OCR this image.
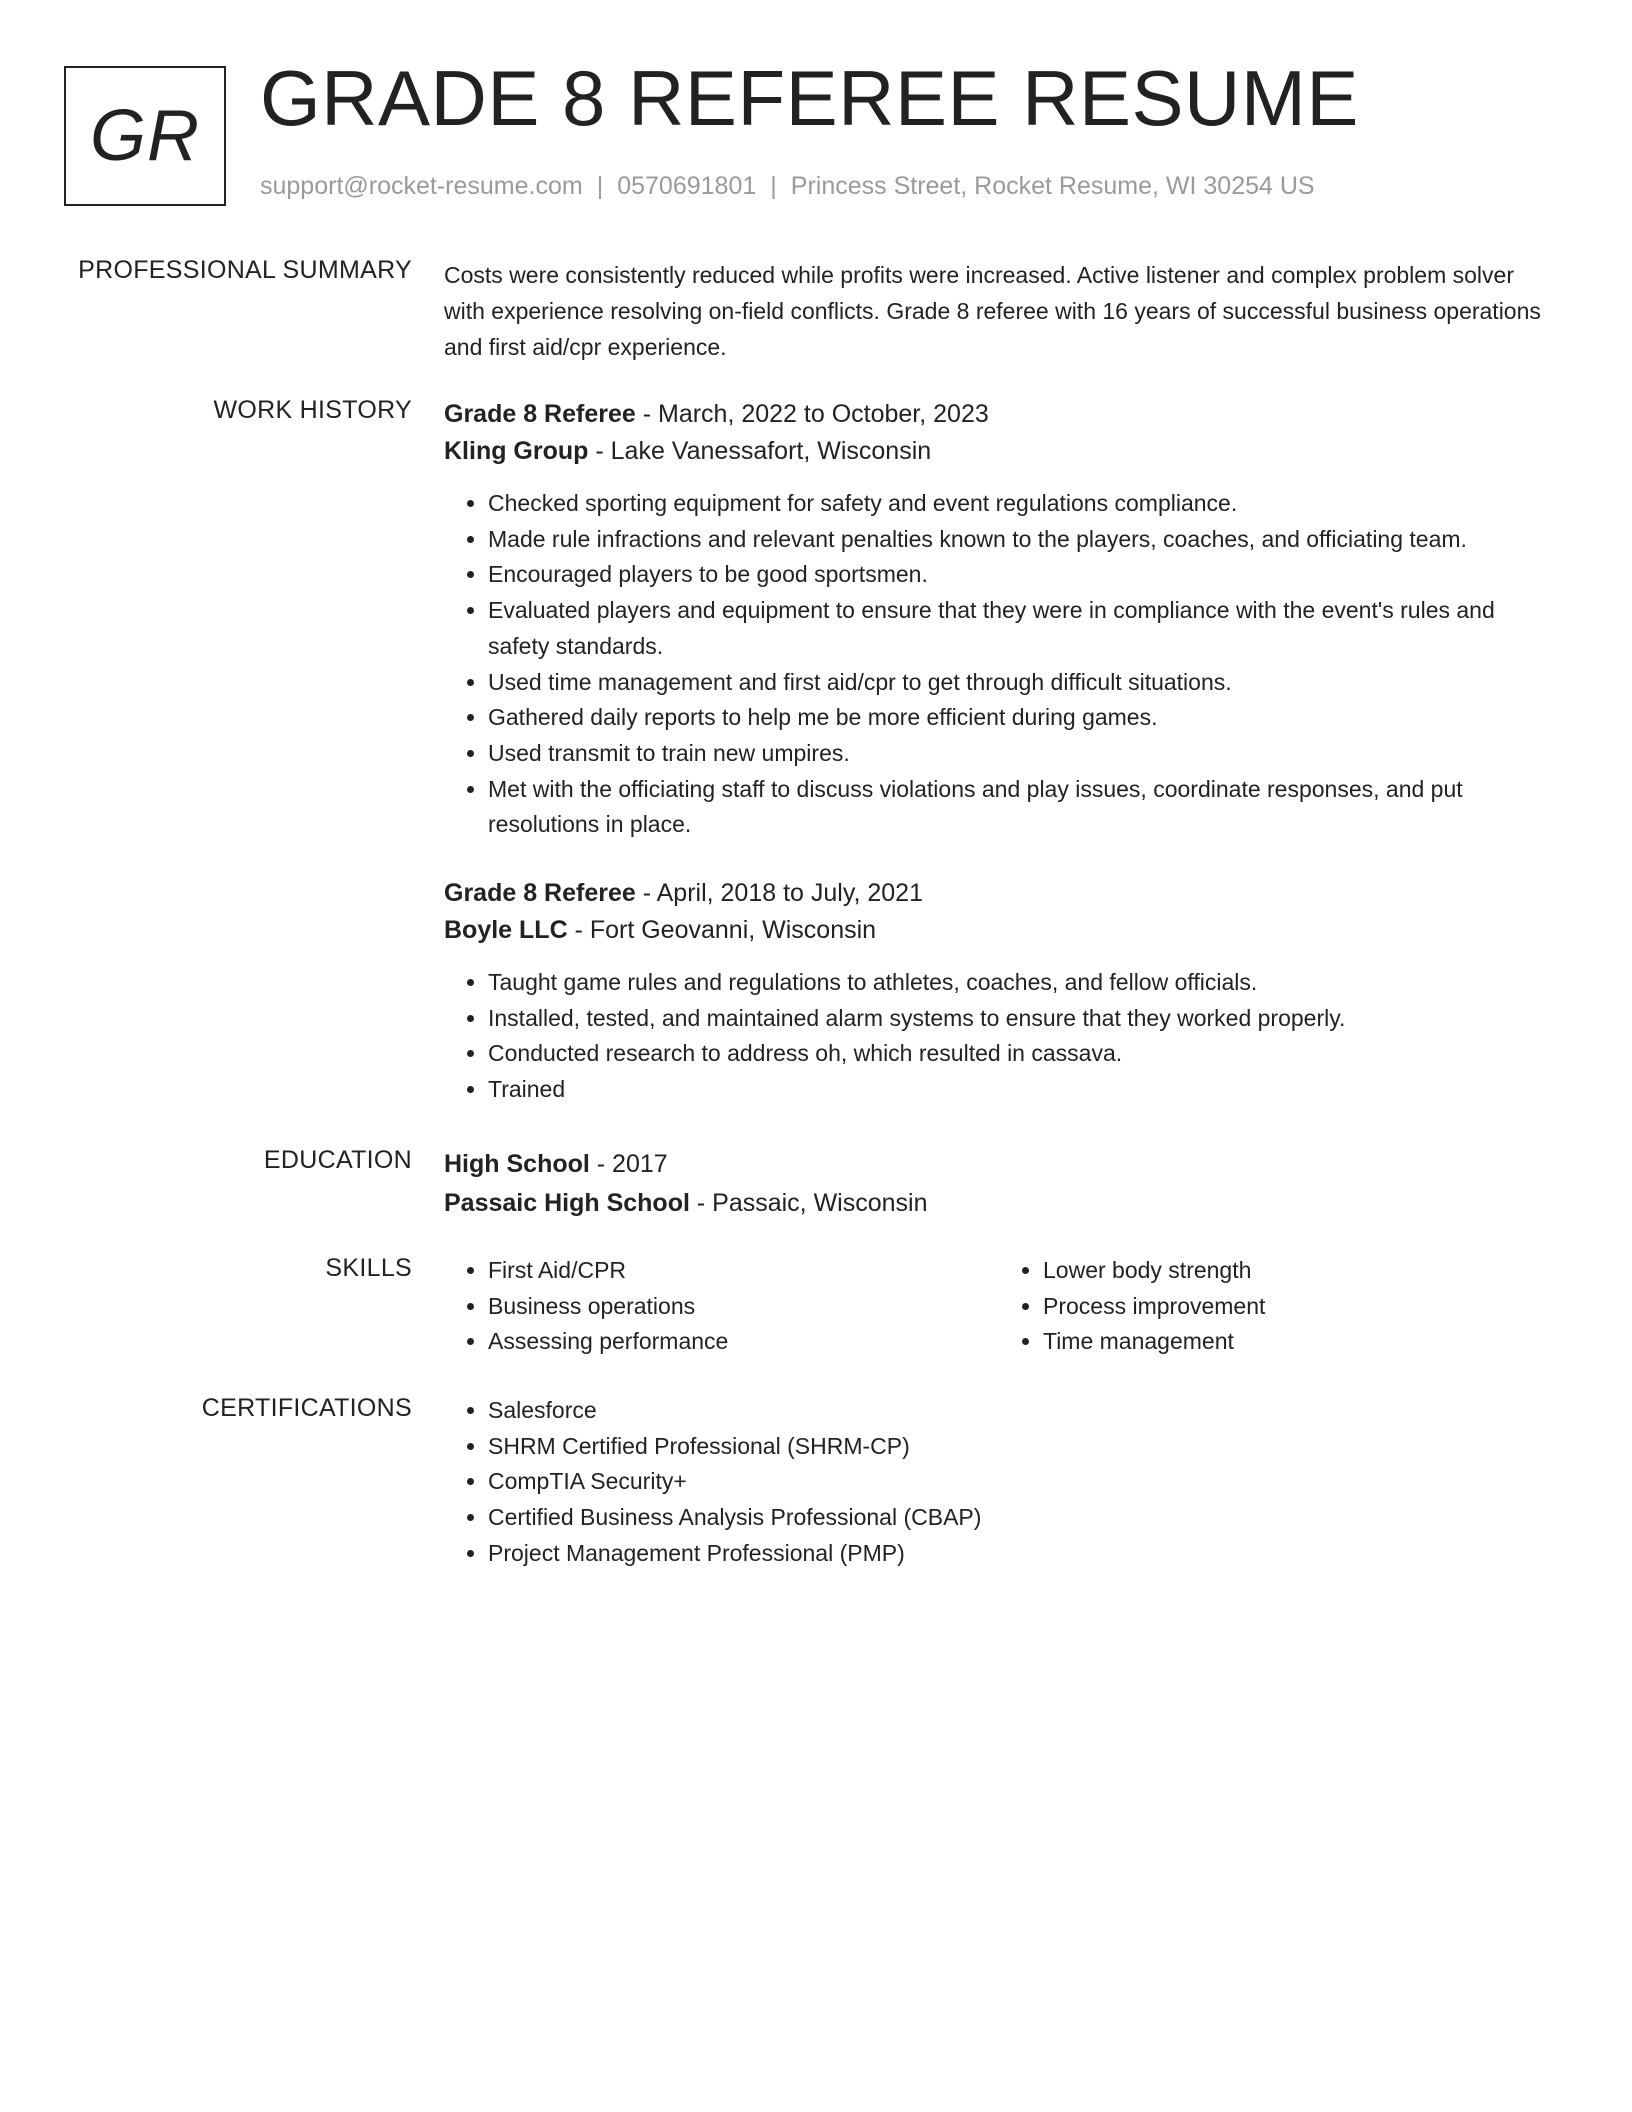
GR GRADE 8 REFEREE RESUME
support@rocket-resume.com | 0570691801 | Princess Street, Rocket Resume, WI 30254 US
PROFESSIONAL SUMMARY Costs were consistently reduced while profits were increased. Active listener and complex problem solver with experience resolving on-field conflicts. Grade 8 referee with 16 years of successful business operations and first aid/cpr experience.

WORK HISTORY Grade 8 Referee - March, 2022 to October, 2023
Kling Group - Lake Vanessafort, Wisconsin
• Checked sporting equipment for safety and event regulations compliance.
• Made rule infractions and relevant penalties known to the players, coaches, and officiating team.
• Encouraged players to be good sportsmen.
• Evaluated players and equipment to ensure that they were in compliance with the event's rules and safety standards.
• Used time management and first aid/cpr to get through difficult situations.
• Gathered daily reports to help me be more efficient during games.
• Used transmit to train new umpires.
• Met with the officiating staff to discuss violations and play issues, coordinate responses, and put resolutions in place.
Grade 8 Referee - April, 2018 to July, 2021
Boyle LLC - Fort Geovanni, Wisconsin
• Taught game rules and regulations to athletes, coaches, and fellow officials.
• Installed, tested, and maintained alarm systems to ensure that they worked properly.
• Conducted research to address oh, which resulted in cassava.
• Trained
EDUCATION High School - 2017
Passaic High School - Passaic, Wisconsin
SKILLS	• First Aid/CPR
• Business operations
• Assessing performance
• Lower body strength
• Process improvement
• Time management
CERTIFICATIONS	• Salesforce
• SHRM Certified Professional (SHRM-CP)
• CompTIA Security+
• Certified Business Analysis Professional (CBAP)
• Project Management Professional (PMP)
